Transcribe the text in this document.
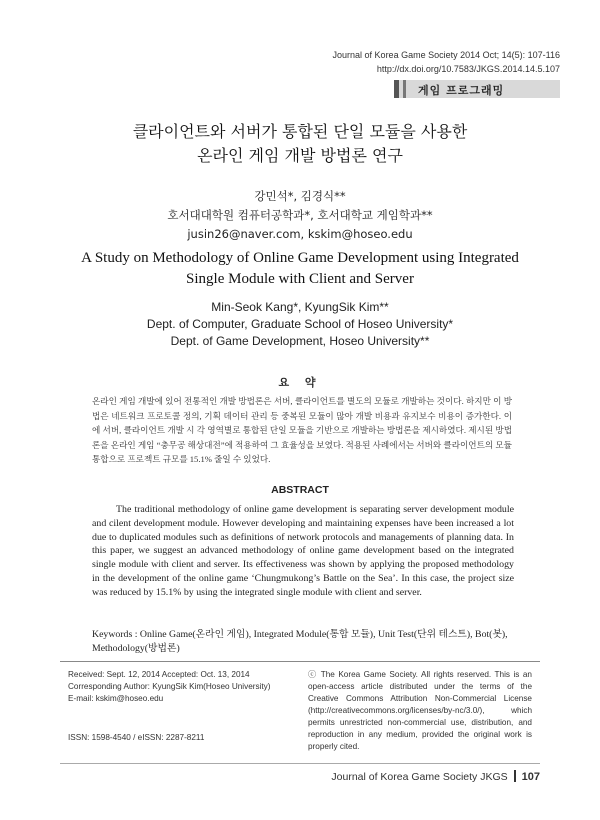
Journal of Korea Game Society 2014 Oct; 14(5): 107-116
http://dx.doi.org/10.7583/JKGS.2014.14.5.107
게임 프로그래밍
클라이언트와 서버가 통합된 단일 모듈을 사용한
온라인 게임 개발 방법론 연구
강민석*, 김경식**
호서대대학원 컴퓨터공학과*, 호서대학교 게임학과**
jusin26@naver.com, kskim@hoseo.edu
A Study on Methodology of Online Game Development using Integrated
Single Module with Client and Server
Min-Seok Kang*, KyungSik Kim**
Dept. of Computer, Graduate School of Hoseo University*
Dept. of Game Development, Hoseo University**
요 약
온라인 게임 개발에 있어 전통적인 개발 방법론은 서버, 클라이언트를 별도의 모듈로 개발하는 것이다. 하지만 이 방법은 네트워크 프로토콜 정의, 기획 데이터 관리 등 중복된 모듈이 많아 개발 비용과 유지보수 비용이 증가한다. 이에 서버, 클라이언트 개발 시 각 영역별로 통합된 단일 모듈을 기반으로 개발하는 방법론을 제시하였다. 제시된 방법론을 온라인 게임 “충무공 해상대전”에 적용하여 그 효율성을 보였다. 적용된 사례에서는 서버와 클라이언트의 모듈 통합으로 프로젝트 규모를 15.1% 줄일 수 있었다.
ABSTRACT
The traditional methodology of online game development is separating server development module and cilent development module. However developing and maintaining expenses have been increased a lot due to duplicated modules such as definitions of network protocols and managements of planning data. In this paper, we suggest an advanced methodology of online game development based on the integrated single module with client and server. Its effectiveness was shown by applying the proposed methodology in the development of the online game ‘Chungmukong’s Battle on the Sea’. In this case, the project size was reduced by 15.1% by using the integrated single module with client and server.
Keywords : Online Game(온라인 게임), Integrated Module(통합 모듈), Unit Test(단위 테스트), Bot(봇), Methodology(방법론)
Received: Sept. 12, 2014 Accepted: Oct. 13, 2014
Corresponding Author: KyungSik Kim(Hoseo University)
E-mail: kskim@hoseo.edu
ISSN: 1598-4540 / eISSN: 2287-8211
ⓒ The Korea Game Society. All rights reserved. This is an open-access article distributed under the terms of the Creative Commons Attribution Non-Commercial License (http://creativecommons.org/licenses/by-nc/3.0/), which permits unrestricted non-commercial use, distribution, and reproduction in any medium, provided the original work is properly cited.
Journal of Korea Game Society JKGS 107
